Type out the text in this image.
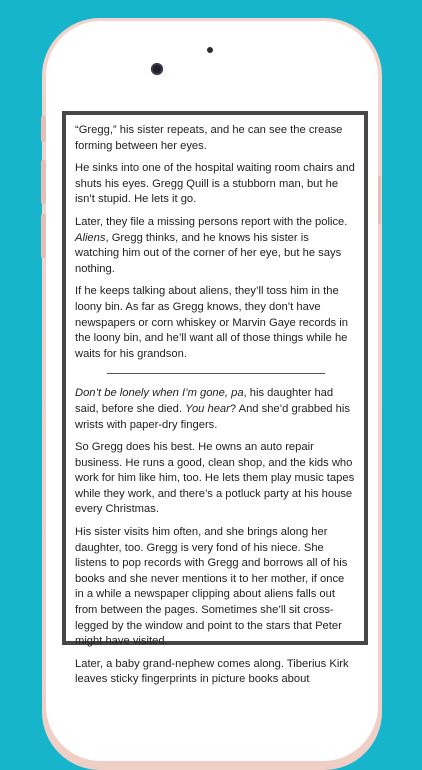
“Gregg,” his sister repeats, and he can see the crease forming between her eyes.

He sinks into one of the hospital waiting room chairs and shuts his eyes. Gregg Quill is a stubborn man, but he isn’t stupid. He lets it go.

Later, they file a missing persons report with the police. Aliens, Gregg thinks, and he knows his sister is watching him out of the corner of her eye, but he says nothing.

If he keeps talking about aliens, they’ll toss him in the loony bin. As far as Gregg knows, they don’t have newspapers or corn whiskey or Marvin Gaye records in the loony bin, and he’ll want all of those things while he waits for his grandson.

Don’t be lonely when I’m gone, pa, his daughter had said, before she died. You hear? And she’d grabbed his wrists with paper-dry fingers.

So Gregg does his best. He owns an auto repair business. He runs a good, clean shop, and the kids who work for him like him, too. He lets them play music tapes while they work, and there’s a potluck party at his house every Christmas.

His sister visits him often, and she brings along her daughter, too. Gregg is very fond of his niece. She listens to pop records with Gregg and borrows all of his books and she never mentions it to her mother, if once in a while a newspaper clipping about aliens falls out from between the pages. Sometimes she’ll sit cross-legged by the window and point to the stars that Peter might have visited.

Later, a baby grand-nephew comes along. Tiberius Kirk leaves sticky fingerprints in picture books about
